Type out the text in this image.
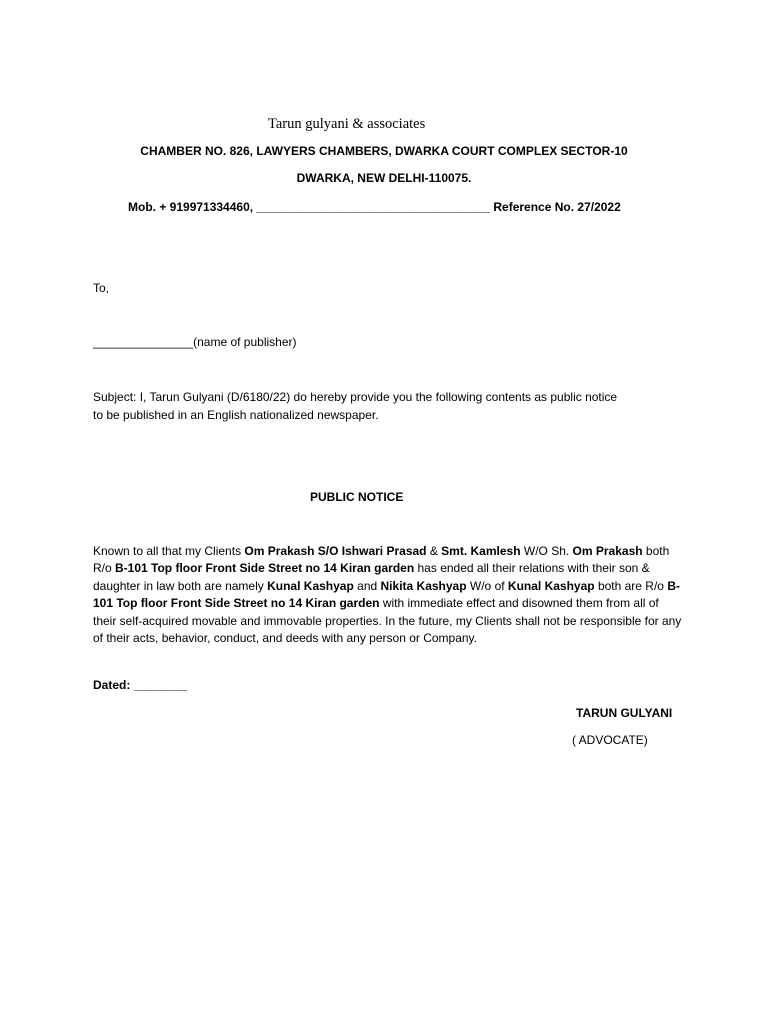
Tarun gulyani & associates
CHAMBER NO. 826, LAWYERS CHAMBERS, DWARKA COURT COMPLEX SECTOR-10
DWARKA, NEW DELHI-110075.
Mob. + 919971334460, ___________________________________ Reference No. 27/2022
To,
_______________(name of publisher)
Subject: I, Tarun Gulyani (D/6180/22) do hereby provide you the following contents as public notice
to be published in an English nationalized newspaper.
PUBLIC NOTICE
Known to all that my Clients Om Prakash S/O Ishwari Prasad & Smt. Kamlesh W/O Sh. Om Prakash both R/o B-101 Top floor Front Side Street no 14 Kiran garden has ended all their relations with their son & daughter in law both are namely Kunal Kashyap and Nikita Kashyap W/o of Kunal Kashyap both are R/o B-101 Top floor Front Side Street no 14 Kiran garden with immediate effect and disowned them from all of their self-acquired movable and immovable properties. In the future, my Clients shall not be responsible for any of their acts, behavior, conduct, and deeds with any person or Company.
Dated: ________
TARUN GULYANI
( ADVOCATE)
